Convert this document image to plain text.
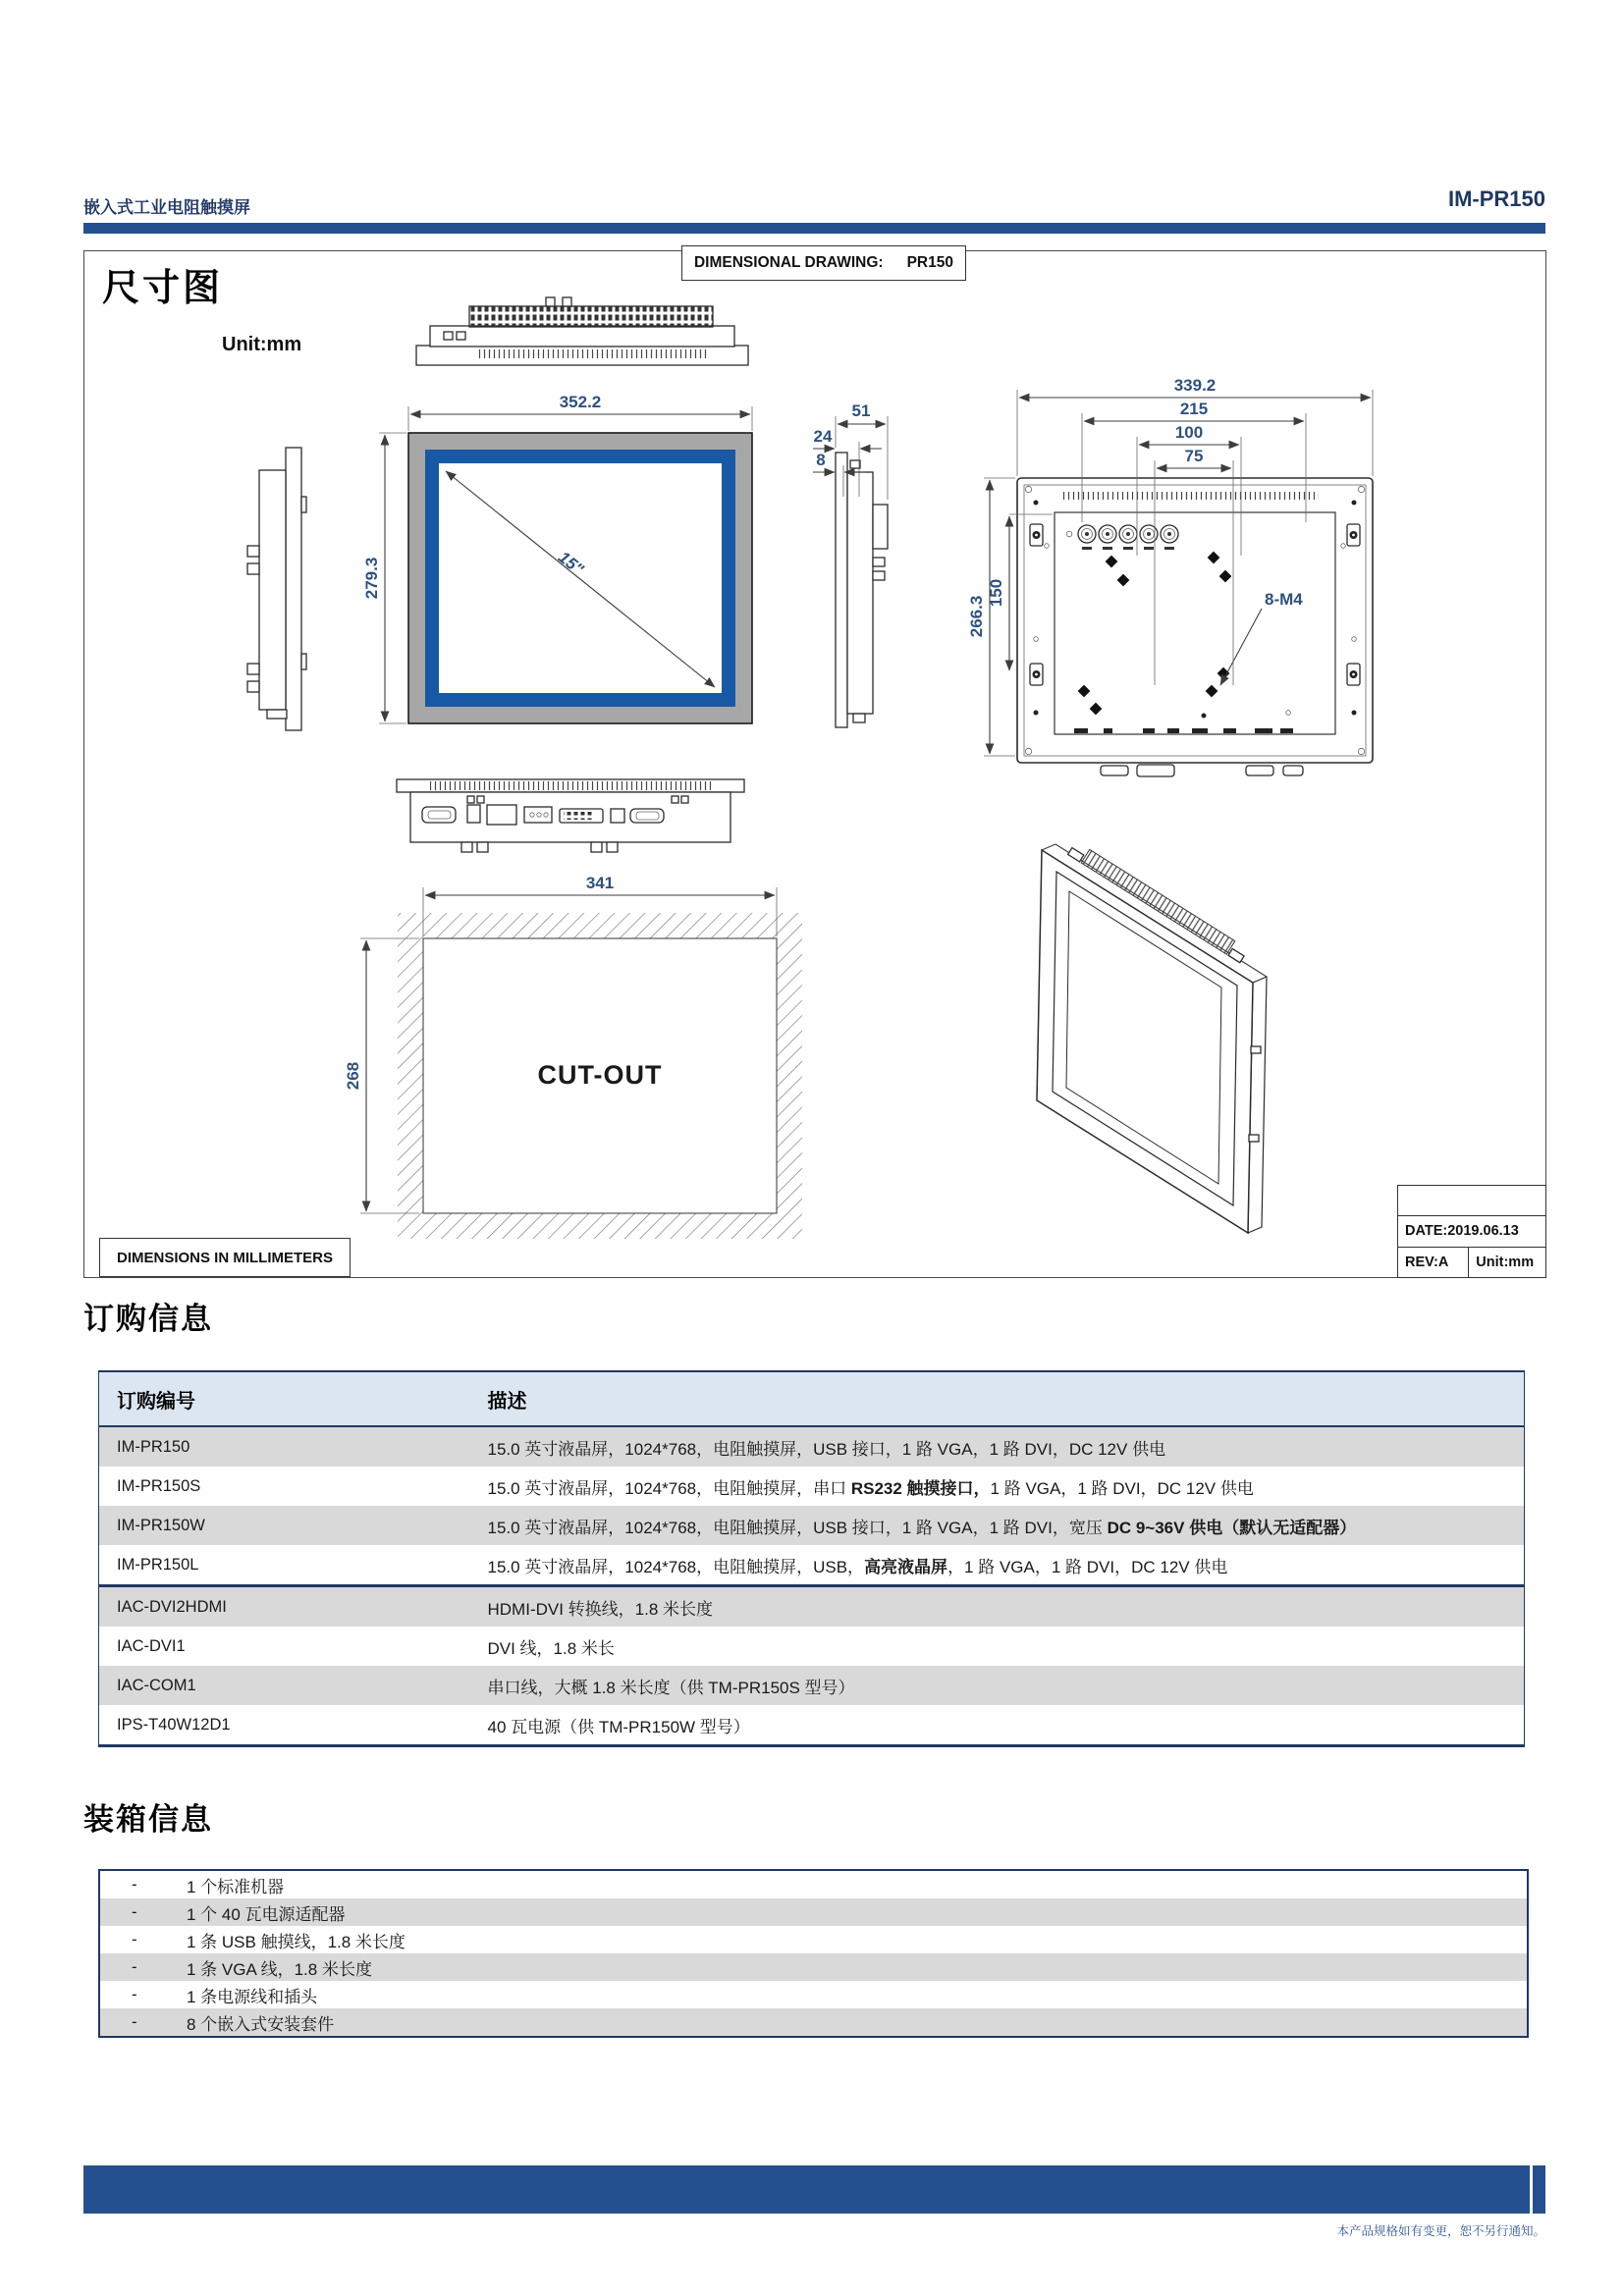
嵌入式工业电阻触摸屏	IM-PR150
15"
352.2
279.3
51
24
8
8-M4
339.2
215
100
75
266.3
150
CUT-OUT
341
268
DIMENSIONAL DRAWING: PR150
尺寸图
Unit:mm
DIMENSIONS IN MILLIMETERS
DATE:2019.06.13
REV:A	Unit:mm
订购信息
订购编号	描述
IM-PR150	15.0 英寸液晶屏，1024*768，电阻触摸屏，USB 接口，1 路 VGA，1 路 DVI，DC 12V 供电
IM-PR150S	15.0 英寸液晶屏，1024*768，电阻触摸屏，串口 RS232 触摸接口，1 路 VGA，1 路 DVI，DC 12V 供电
IM-PR150W	15.0 英寸液晶屏，1024*768，电阻触摸屏，USB 接口，1 路 VGA，1 路 DVI，宽压 DC 9~36V 供电（默认无适配器）
IM-PR150L	15.0 英寸液晶屏，1024*768，电阻触摸屏，USB，高亮液晶屏，1 路 VGA，1 路 DVI，DC 12V 供电
IAC-DVI2HDMI	HDMI-DVI 转换线，1.8 米长度
IAC-DVI1	DVI 线，1.8 米长
IAC-COM1	串口线，大概 1.8 米长度（供 TM-PR150S 型号）
IPS-T40W12D1	40 瓦电源（供 TM-PR150W 型号）
装箱信息
-	1 个标准机器
-	1 个 40 瓦电源适配器
-	1 条 USB 触摸线，1.8 米长度
-	1 条 VGA 线，1.8 米长度
-	1 条电源线和插头
-	8 个嵌入式安装套件
本产品规格如有变更，恕不另行通知。
